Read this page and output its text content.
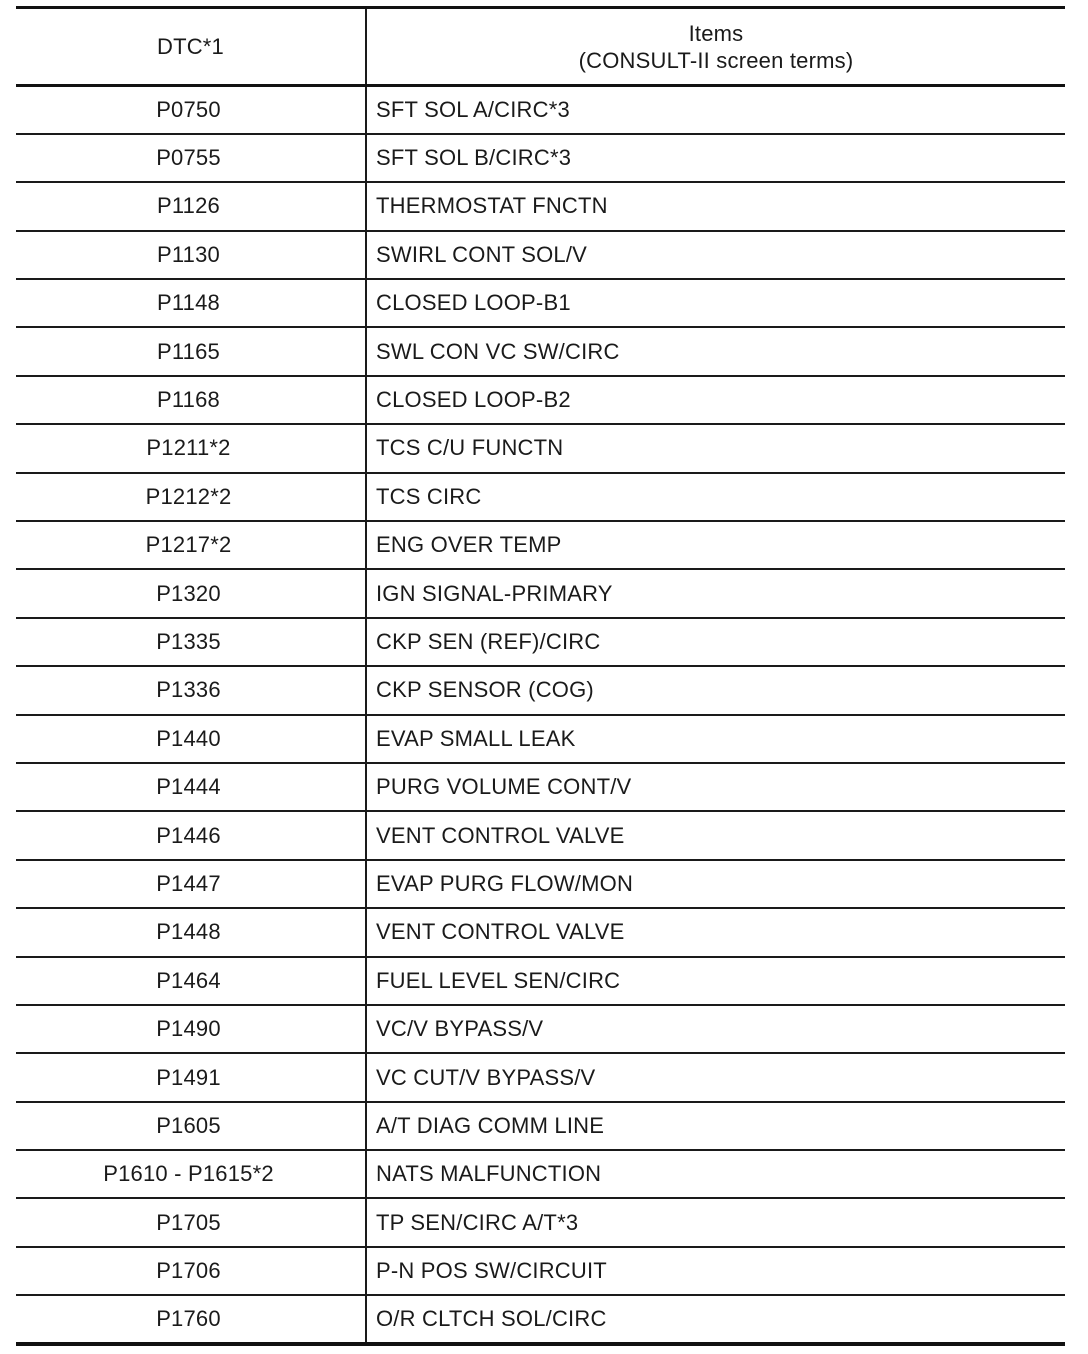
DTC*1	Items
(CONSULT-II screen terms)

P0750	SFT SOL A/CIRC*3
P0755	SFT SOL B/CIRC*3
P1126	THERMOSTAT FNCTN
P1130	SWIRL CONT SOL/V
P1148	CLOSED LOOP-B1
P1165	SWL CON VC SW/CIRC
P1168	CLOSED LOOP-B2
P1211*2	TCS C/U FUNCTN
P1212*2	TCS CIRC
P1217*2	ENG OVER TEMP
P1320	IGN SIGNAL-PRIMARY
P1335	CKP SEN (REF)/CIRC
P1336	CKP SENSOR (COG)
P1440	EVAP SMALL LEAK
P1444	PURG VOLUME CONT/V
P1446	VENT CONTROL VALVE
P1447	EVAP PURG FLOW/MON
P1448	VENT CONTROL VALVE
P1464	FUEL LEVEL SEN/CIRC
P1490	VC/V BYPASS/V
P1491	VC CUT/V BYPASS/V
P1605	A/T DIAG COMM LINE
P1610 - P1615*2	NATS MALFUNCTION
P1705	TP SEN/CIRC A/T*3
P1706	P-N POS SW/CIRCUIT
P1760	O/R CLTCH SOL/CIRC
